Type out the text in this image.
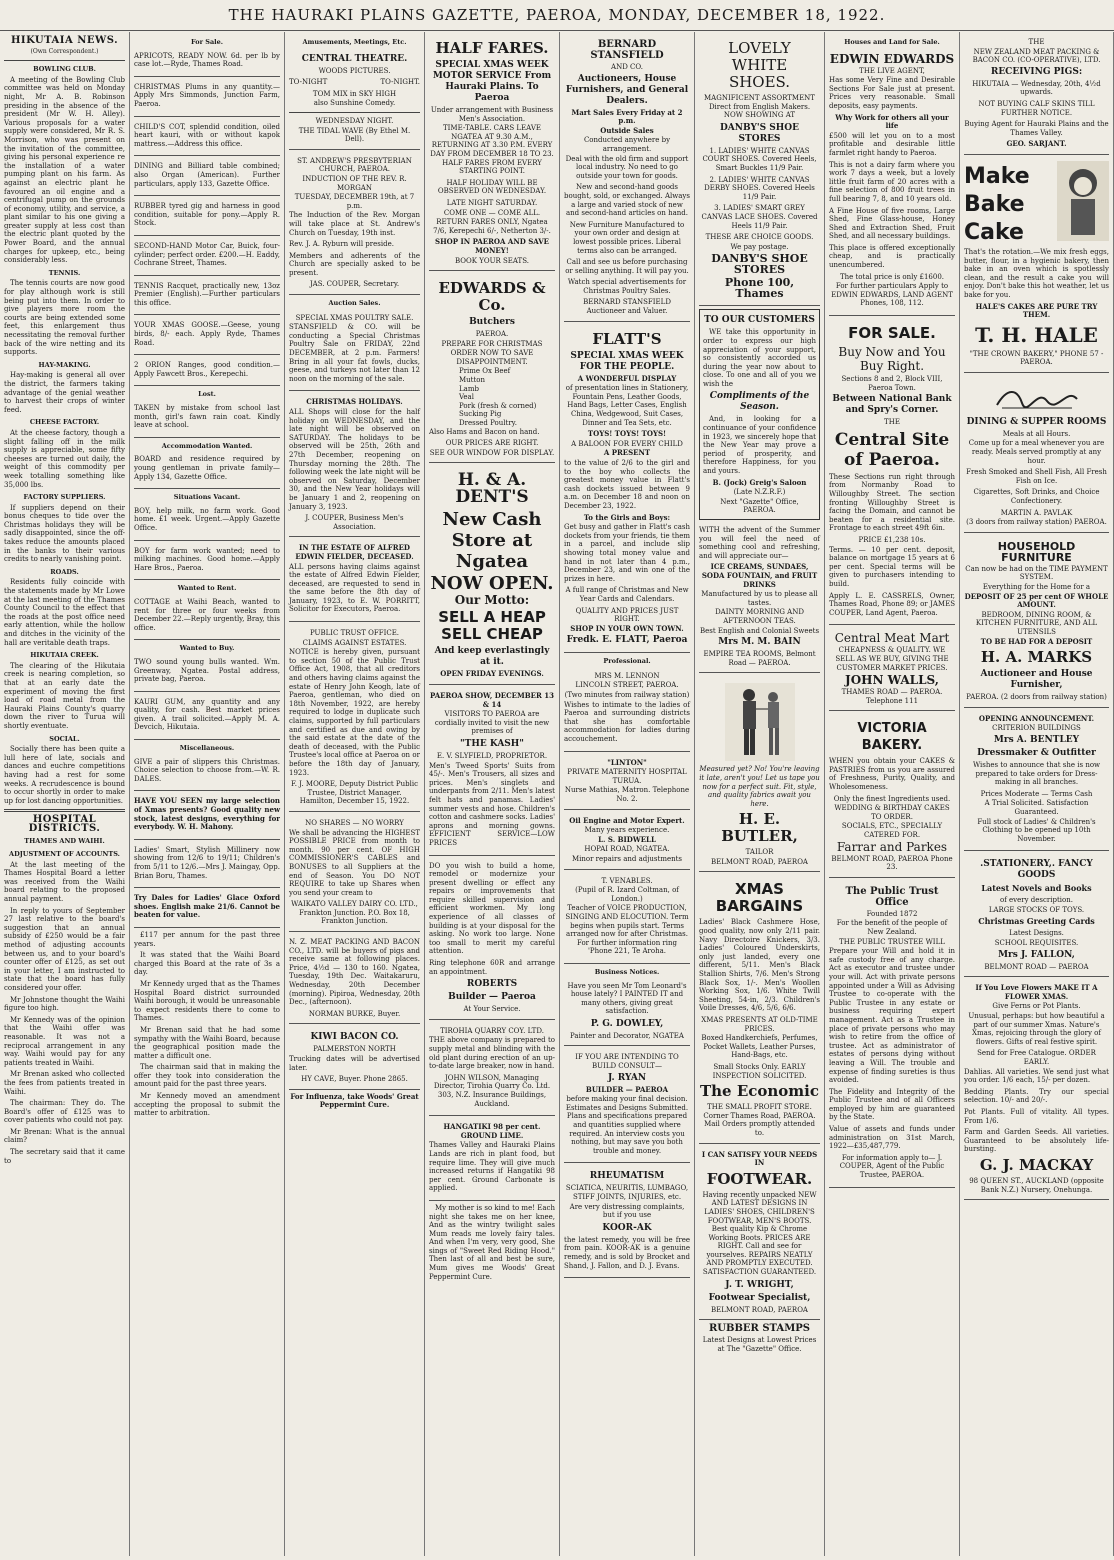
THE HAURAKI PLAINS GAZETTE, PAEROA, MONDAY, DECEMBER 18, 1922.
HIKUTAIA NEWS.
(Own Correspondent.)
BOWLING CLUB.

A meeting of the Bowling Club committee was held on Monday night, Mr A. B. Robinson presiding in the absence of the president (Mr W. H. Alley). Various proposals for a water supply were considered, Mr R. S. Morrison, who was present on the invitation of the committee, giving his personal experience re the installation of a water pumping plant on his farm. As against an electric plant he favoured an oil engine and a centrifugal pump on the grounds of economy, utility, and service, a plant similar to his one giving a greater supply at less cost than the electric plant quoted by the Power Board, and the annual charges for upkeep, etc., being considerably less.

TENNIS.

The tennis courts are now good for play although work is still being put into them. In order to give players more room the courts are being extended some feet, this enlargement thus necessitating the removal further back of the wire netting and its supports.

HAY-MAKING.

Hay-making is general all over the district, the farmers taking advantage of the genial weather to harvest their crops of winter feed.

CHEESE FACTORY.

At the cheese factory, though a slight falling off in the milk supply is appreciable, some fifty cheeses are turned out daily, the weight of this commodity per week totalling something like 35,000 lbs.

FACTORY SUPPLIERS.

If suppliers depend on their bonus cheques to tide over the Christmas holidays they will be sadly disappointed, since the off-takes reduce the amounts placed in the banks to their various credits to nearly vanishing point.

ROADS.

Residents fully coincide with the statements made by Mr Lowe at the last meeting of the Thames County Council to the effect that the roads at the post office need early attention, while the hollow and ditches in the vicinity of the hall are veritable death traps.

HIKUTAIA CREEK.

The clearing of the Hikutaia creek is nearing completion, so that at an early date the experiment of moving the first load of road metal from the Hauraki Plains County's quarry down the river to Turua will shortly eventuate.

SOCIAL.

Socially there has been quite a lull here of late, socials and dances and euchre competitions having had a rest for some weeks. A recrudescence is bound to occur shortly in order to make up for lost dancing opportunities.

HOSPITAL DISTRICTS.
THAMES AND WAIHI.
ADJUSTMENT OF ACCOUNTS.

At the last meeting of the Thames Hospital Board a letter was received from the Waihi board relating to the proposed annual payment.

In reply to yours of September 27 last relative to the board's suggestion that an annual subsidy of £250 would be a fair method of adjusting accounts between us, and to your board's counter offer of £125, as set out in your letter, I am instructed to state that the board has fully considered your offer.

Mr Johnstone thought the Waihi figure too high.

Mr Kennedy was of the opinion that the Waihi offer was reasonable. It was not a reciprocal arrangement in any way. Waihi would pay for any patients treated in Waihi.

Mr Brenan asked who collected the fees from patients treated in Waihi.

The chairman: They do. The Board's offer of £125 was to cover patients who could not pay.

Mr Brenan: What is the annual claim?

The secretary said that it came to

For Sale.

APRICOTS, READY NOW. 6d. per lb by case lot.—Ryde, Thames Road.

CHRISTMAS Plums in any quantity.—Apply Mrs Simmonds, Junction Farm, Paeroa.

CHILD'S COT, splendid condition, oiled heart kauri, with or without kapok mattress.—Address this office.

DINING and Billiard table combined; also Organ (American). Further particulars, apply 133, Gazette Office.

RUBBER tyred gig and harness in good condition, suitable for pony.—Apply R. Stock.

SECOND-HAND Motor Car, Buick, four-cylinder; perfect order. £200.—H. Eaddy, Cochrane Street, Thames.

TENNIS Racquet, practically new, 13oz Premier (English).—Further particulars this office.

YOUR XMAS GOOSE.—Geese, young birds, 8/- each. Apply Ryde, Thames Road.

2 ORION Ranges, good condition.—Apply Fawcett Bros., Kerepechi.

Lost.

TAKEN by mistake from school last month, girl's fawn rain coat. Kindly leave at school.

Accommodation Wanted.

BOARD and residence required by young gentleman in private family—Apply 134, Gazette Office.

Situations Vacant.

BOY, help milk, no farm work. Good home. £1 week. Urgent.—Apply Gazette Office.

BOY for farm work wanted; need to milking machines. Good home.—Apply Hare Bros., Paeroa.

Wanted to Rent.

COTTAGE at Waihi Beach, wanted to rent for three or four weeks from December 22.—Reply urgently, Bray, this office.

Wanted to Buy.

TWO sound young bulls wanted. Wm. Greenway, Ngatea. Postal address, private bag, Paeroa.

KAURI GUM, any quantity and any quality, for cash. Best market prices given. A trail solicited.—Apply M. A. Devcich, Hikutaia.

Miscellaneous.

GIVE a pair of slippers this Christmas. Choice selection to choose from.—W. R. DALES.

HAVE YOU SEEN my large selection of Xmas presents? Good quality new stock, latest designs, everything for everybody. W. H. Mahony.

Ladies' Smart, Stylish Millinery now showing from 12/6 to 19/11; Children's from 5/11 to 12/6.—Mrs J. Maingay, Opp. Brian Boru, Thames.

Try Dales for Ladies' Glace Oxford shoes. English make 21/6. Cannot be beaten for value.

£117 per annum for the past three years.

It was stated that the Waihi Board charged this Board at the rate of 3s a day.

Mr Kennedy urged that as the Thames Hospital Board district surrounded Waihi borough, it would be unreasonable to expect residents there to come to Thames.

Mr Brenan said that he had some sympathy with the Waihi Board, because the geographical position made the matter a difficult one.

The chairman said that in making the offer they took into consideration the amount paid for the past three years.

Mr Kennedy moved an amendment accepting the proposal to submit the matter to arbitration.

Amusements, Meetings, Etc.
CENTRAL THEATRE.
WOODS PICTURES.
TO-NIGHT	TO-NIGHT.
TOM MIX in SKY HIGH
also Sunshine Comedy.
WEDNESDAY NIGHT.
THE TIDAL WAVE (By Ethel M. Dell).
ST. ANDREW'S PRESBYTERIAN CHURCH, PAEROA.
INDUCTION OF THE REV. R. MORGAN
TUESDAY, DECEMBER 19th, at 7 p.m.

The Induction of the Rev. Morgan will take place at St. Andrew's Church on Tuesday, 19th inst.

Rev. J. A. Ryburn will preside.

Members and adherents of the Church are specially asked to be present.

JAS. COUPER, Secretary.
Auction Sales.
SPECIAL XMAS POULTRY SALE.

STANSFIELD & CO. will be conducting a Special Christmas Poultry Sale on FRIDAY, 22nd DECEMBER, at 2 p.m. Farmers! Bring in all your fat fowls, ducks, geese, and turkeys not later than 12 noon on the morning of the sale.

CHRISTMAS HOLIDAYS.

ALL Shops will close for the half holiday on WEDNESDAY, and the late night will be observed on SATURDAY. The holidays to be observed will be 25th, 26th and 27th December, reopening on Thursday morning the 28th. The following week the late night will be observed on Saturday, December 30, and the New Year holidays will be January 1 and 2, reopening on January 3, 1923.

J. COUPER, Business Men's Association.
IN THE ESTATE OF ALFRED EDWIN FIELDER, DECEASED.

ALL persons having claims against the estate of Alfred Edwin Fielder, deceased, are requested to send in the same before the 8th day of January, 1923, to E. W. PORRITT, Solicitor for Executors, Paeroa.

PUBLIC TRUST OFFICE.
CLAIMS AGAINST ESTATES.

NOTICE is hereby given, pursuant to section 50 of the Public Trust Office Act, 1908, that all creditors and others having claims against the estate of Henry John Keogh, late of Paeroa, gentleman, who died on 18th November, 1922, are hereby required to lodge in duplicate such claims, supported by full particulars and certified as due and owing by the said estate at the date of the death of deceased, with the Public Trustee's local office at Paeroa on or before the 18th day of January, 1923.

F. J. MOORE, Deputy District Public Trustee, District Manager. Hamilton, December 15, 1922.
NO SHARES — NO WORRY

We shall be advancing the HIGHEST POSSIBLE PRICE from month to month. 90 per cent. OF HIGH COMMISSIONER'S CABLES and BONUSES to all Suppliers at the end of Season. You DO NOT REQUIRE to take up Shares when you send your cream to

WAIKATO VALLEY DAIRY CO. LTD., Frankton Junction. P.O. Box 18, Frankton Junction.

N. Z. MEAT PACKING AND BACON CO., LTD. will be buyers of pigs and receive same at following places. Price, 4½d — 130 to 160. Ngatea, Tuesday, 19th Dec. Waitakaruru, Wednesday, 20th December (morning). Pipiroa, Wednesday, 20th Dec., (afternoon).

NORMAN BURKE, Buyer.
KIWI BACON CO.
PALMERSTON NORTH

Trucking dates will be advertised later.

HY CAVE, Buyer. Phone 2865.
For Influenza, take Woods' Great Peppermint Cure.
HALF FARES.
SPECIAL XMAS WEEK MOTOR SERVICE From Hauraki Plains. To Paeroa
Under arrangement with Business Men's Association.

TIME-TABLE. CARS LEAVE NGATEA AT 9.30 A.M., RETURNING AT 3.30 P.M. EVERY DAY FROM DECEMBER 18 TO 23. HALF FARES FROM EVERY STARTING POINT.

HALF HOLIDAY WILL BE OBSERVED ON WEDNESDAY.

LATE NIGHT SATURDAY.
COME ONE — COME ALL.

RETURN FARES ONLY, Ngatea 7/6, Kerepechi 6/-, Netherton 3/-.

SHOP IN PAEROA AND SAVE MONEY!
BOOK YOUR SEATS.
EDWARDS & Co.
Butchers
PAEROA.
PREPARE FOR CHRISTMAS
ORDER NOW TO SAVE DISAPPOINTMENT.
Prime Ox Beef
Mutton
Lamb
Veal
Pork (fresh & corned)
Sucking Pig
Dressed Poultry.

Also Hams and Bacon on hand.

OUR PRICES ARE RIGHT.
SEE OUR WINDOW FOR DISPLAY.
H. & A. DENT'S
New Cash Store at Ngatea
NOW OPEN.
Our Motto:
SELL A HEAP SELL CHEAP
And keep everlastingly at it.
OPEN FRIDAY EVENINGS.
PAEROA SHOW, DECEMBER 13 & 14

VISITORS TO PAEROA are cordially invited to visit the new premises of

"THE KASH"
E. V. SLYFIELD, PROPRIETOR.

Men's Tweed Sports' Suits from 45/-. Men's Trousers, all sizes and prices. Men's singlets and underpants from 2/11. Men's latest felt hats and panamas. Ladies' summer vests and hose. Children's cotton and cashmere socks. Ladies' aprons and morning gowns. EFFICIENT SERVICE—LOW PRICES

DO you wish to build a home, remodel or modernize your present dwelling or effect any repairs or improvements that require skilled supervision and efficient workmen. My long experience of all classes of building is at your disposal for the asking. No work too large. None too small to merit my careful attention.

Ring telephone 60R and arrange an appointment.

ROBERTS
Builder — Paeroa
At Your Service.
TIROHIA QUARRY COY. LTD.

THE above company is prepared to supply metal and blinding with the old plant during erection of an up-to-date large breaker, now in hand.

JOHN WILSON, Managing Director, Tirohia Quarry Co. Ltd. 303, N.Z. Insurance Buildings, Auckland.

HANGATIKI 98 per cent. GROUND LIME.

Thames Valley and Hauraki Plains Lands are rich in plant food, but require lime. They will give much increased returns if Hangatiki 98 per cent. Ground Carbonate is applied.

My mother is so kind to me! Each night she takes me on her knee, And as the wintry twilight sales Mum reads me lovely fairy tales. And when I'm very, very good, She sings of "Sweet Red Riding Hood." Then last of all and best be sure, Mum gives me Woods' Great Peppermint Cure.

BERNARD STANSFIELD
AND CO.
Auctioneers, House Furnishers, and General Dealers.
Mart Sales Every Friday at 2 p.m.
Outside Sales
Conducted anywhere by arrangement.

Deal with the old firm and support local industry. No need to go outside your town for goods.

New and second-hand goods bought, sold, or exchanged. Always a large and varied stock of new and second-hand articles on hand.

New Furniture Manufactured to your own order and design at lowest possible prices. Liberal terms also can be arranged.

Call and see us before purchasing or selling anything. It will pay you.

Watch special advertisements for Christmas Poultry Sales.

BERNARD STANSFIELD Auctioneer and Valuer.
FLATT'S
SPECIAL XMAS WEEK FOR THE PEOPLE.
A WONDERFUL DISPLAY

of presentation lines in Stationery, Fountain Pens, Leather Goods, Hand Bags, Letter Cases, English China, Wedgewood, Suit Cases, Dinner and Tea Sets, etc.

TOYS! TOYS! TOYS!
A BALOON FOR EVERY CHILD
A PRESENT

to the value of 2/6 to the girl and to the boy who collects the greatest money value in Flatt's cash dockets issued between 9 a.m. on December 18 and noon on December 23, 1922.

To the Girls and Boys:

Get busy and gather in Flatt's cash dockets from your friends, tie them in a parcel, and include slip showing total money value and hand in not later than 4 p.m., December 23, and win one of the prizes in here.

A full range of Christmas and New Year Cards and Calendars.

QUALITY AND PRICES JUST RIGHT.
SHOP IN YOUR OWN TOWN.
Fredk. E. FLATT, Paeroa
Professional.
MRS M. LENNON
LINCOLN STREET, PAEROA.
(Two minutes from railway station)

Wishes to intimate to the ladies of Paeroa and surrounding districts that she has comfortable accommodation for ladies during accouchement.

"LINTON"
PRIVATE MATERNITY HOSPITAL TURUA.
Nurse Mathias, Matron. Telephone No. 2.
Oil Engine and Motor Expert.
Many years experience.
L. S. BIDWELL
HOPAI ROAD, NGATEA.
Minor repairs and adjustments
T. VENABLES.
(Pupil of R. Izard Coltman, of London.)

Teacher of VOICE PRODUCTION, SINGING AND ELOCUTION. Term begins when pupils start. Terms arranged now for after Christmas. For further information ring 'Phone 221, Te Aroha.

Business Notices.

Have you seen Mr Tom Leonard's house lately? I PAINTED IT and many others, giving great satisfaction.

P. G. DOWLEY,
Painter and Decorator, NGATEA
IF YOU ARE INTENDING TO BUILD CONSULT—
J. RYAN
BUILDER — PAEROA

before making your final decision. Estimates and Designs Submitted. Plans and specifications prepared and quantities supplied where required. An interview costs you nothing, but may save you both trouble and money.

RHEUMATISM
SCIATICA, NEURITIS, LUMBAGO, STIFF JOINTS, INJURIES, etc.

Are very distressing complaints, but if you use

KOOR-AK

the latest remedy, you will be free from pain. KOOR-AK is a genuine remedy, and is sold by Brocket and Shand, J. Fallon, and D. J. Evans.

LOVELY WHITE SHOES.

MAGNIFICENT ASSORTMENT Direct from English Makers. NOW SHOWING AT

DANBY'S SHOE STORES

1. LADIES' WHITE CANVAS COURT SHOES. Covered Heels, Smart Buckles 11/9 Pair.

2. LADIES' WHITE CANVAS DERBY SHOES. Covered Heels 11/9 Pair.

3. LADIES' SMART GREY CANVAS LACE SHOES. Covered Heels 11/9 Pair.

THESE ARE CHOICE GOODS.
We pay postage.
DANBY'S SHOE STORES
Phone 100, Thames
TO OUR CUSTOMERS

WE take this opportunity in order to express our high appreciation of your support, so consistently accorded us during the year now about to close. To one and all of you we wish the

Compliments of the Season.

And, in looking for a continuance of your confidence in 1923, we sincerely hope that the New Year may prove a period of prosperity, and therefore Happiness, for you and yours.

B. (Jock) Greig's Saloon
(Late N.Z.R.F.)
Next "Gazette" Office, PAEROA.

WITH the advent of the Summer you will feel the need of something cool and refreshing, and will appreciate our—

ICE CREAMS, SUNDAES, SODA FOUNTAIN, and FRUIT DRINKS
Manufactured by us to please all tastes.
DAINTY MORNING AND AFTERNOON TEAS.
Best English and Colonial Sweets
Mrs M. M. BAIN
EMPIRE TEA ROOMS, Belmont Road — PAEROA.

Measured yet? No! You're leaving it late, aren't you! Let us tape you now for a perfect suit. Fit, style, and quality fabrics await you here.

H. E. BUTLER,
TAILOR
BELMONT ROAD, PAEROA
XMAS BARGAINS

Ladies' Black Cashmere Hose, good quality, now only 2/11 pair. Navy Directoire Knickers, 3/3. Ladies' Coloured Underskirts, only just landed, every one different, 5/11. Men's Black Stallion Shirts, 7/6. Men's Strong Black Sox, 1/-. Men's Woollen Working Sox, 1/6. White Twill Sheeting, 54-in, 2/3. Children's Voile Dresses, 4/6, 5/6, 6/6.

XMAS PRESENTS AT OLD-TIME PRICES.

Boxed Handkerchiefs, Perfumes, Pocket Wallets, Leather Purses, Hand-Bags, etc.

Small Stocks Only. EARLY INSPECTION SOLICITED.
The Economic
THE SMALL PROFIT STORE. Corner Thames Road, PAEROA. Mail Orders promptly attended to.
I CAN SATISFY YOUR NEEDS IN
FOOTWEAR.

Having recently unpacked NEW AND LATEST DESIGNS IN LADIES' SHOES, CHILDREN'S FOOTWEAR, MEN'S BOOTS. Best quality Kip & Chrome Working Boots. PRICES ARE RIGHT. Call and see for yourselves. REPAIRS NEATLY AND PROMPTLY EXECUTED. SATISFACTION GUARANTEED.

J. T. WRIGHT,
Footwear Specialist,
BELMONT ROAD, PAEROA
RUBBER STAMPS
Latest Designs at Lowest Prices at The "Gazette" Office.
Houses and Land for Sale.
EDWIN EDWARDS
THE LIVE AGENT,

Has some Very Fine and Desirable Sections For Sale just at present. Prices very reasonable. Small deposits, easy payments.

Why Work for others all your life

£500 will let you on to a most profitable and desirable little farmlet right handy to Paeroa.

This is not a dairy farm where you work 7 days a week, but a lovely little fruit farm of 20 acres with a fine selection of 800 fruit trees in full bearing 7, 8, and 10 years old.

A Fine House of five rooms, Large Shed, Fine Glass-house, Honey Shed and Extraction Shed, Fruit Shed, and all necessary buildings.

This place is offered exceptionally cheap, and is practically unencumbered.

The total price is only £1600.

For further particulars Apply to EDWIN EDWARDS, LAND AGENT Phones, 108, 112.

FOR SALE.
Buy Now and You Buy Right.
Sections 8 and 2, Block VIII, Paeroa Town.
Between National Bank and Spry's Corner.
THE
Central Site of Paeroa.

These Sections run right through from Normanby Road to Willoughby Street. The section fronting Willoughby Street is facing the Domain, and cannot be beaten for a residential site. Frontage to each street 49ft 6in.

PRICE £1,238 10s.

Terms. — 10 per cent. deposit, balance on mortgage 15 years at 6 per cent. Special terms will be given to purchasers intending to build.

Apply L. E. CASSRELS, Owner, Thames Road, Phone 89; or JAMES COUPER, Land Agent, Paeroa.

Central Meat Mart

CHEAPNESS & QUALITY. WE SELL AS WE BUY, GIVING THE CUSTOMER MARKET PRICES.

JOHN WALLS,
THAMES ROAD — PAEROA. Telephone 111
VICTORIA BAKERY.

WHEN you obtain your CAKES & PASTRIES from us you are assured of Freshness, Purity, Quality, and Wholesomeness.

Only the finest Ingredients used.
WEDDING & BIRTHDAY CAKES TO ORDER.
SOCIALS, ETC., SPECIALLY CATERED FOR.
Farrar and Parkes
BELMONT ROAD, PAEROA Phone 23.
The Public Trust Office
Founded 1872
For the benefit of the people of New Zealand.
THE PUBLIC TRUSTEE WILL

Prepare your Will and hold it in safe custody free of any charge. Act as executor and trustee under your will. Act with private persons appointed under a Will as Advising Trustee to co-operate with the Public Trustee in any estate or business requiring expert management. Act as a Trustee in place of private persons who may wish to retire from the office of trustee. Act as administrator of estates of persons dying without leaving a Will. The trouble and expense of finding sureties is thus avoided.

The Fidelity and Integrity of the Public Trustee and of all Officers employed by him are guaranteed by the State.

Value of assets and funds under administration on 31st March, 1922—£35,487,779.

For information apply to— J. COUPER, Agent of the Public Trustee, PAEROA.

THE
NEW ZEALAND MEAT PACKING & BACON CO. (CO-OPERATIVE), LTD.
RECEIVING PIGS:

HIKUTAIA — Wednesday, 20th, 4½d upwards.

NOT BUYING CALF SKINS TILL FURTHER NOTICE.

Buying Agent for Hauraki Plains and the Thames Valley.

GEO. SARJANT.
Make
Bake
Cake

That's the rotation.—We mix fresh eggs, butter, flour, in a hygienic bakery, then bake in an oven which is spotlessly clean, and the result a cake you will enjoy. Don't bake this hot weather, let us bake for you.

HALE'S CAKES ARE PURE TRY THEM.
T. H. HALE
"THE CROWN BAKERY," PHONE 57 - PAEROA.
DINING & SUPPER ROOMS
Meals at all Hours.

Come up for a meal whenever you are ready. Meals served promptly at any hour.

Fresh Smoked and Shell Fish, All Fresh Fish on Ice.

Cigarettes, Soft Drinks, and Choice Confectionery.

MARTIN A. PAVLAK
(3 doors from railway station) PAEROA.
HOUSEHOLD FURNITURE
Can now be had on the TIME PAYMENT SYSTEM.
Everything for the Home for a
DEPOSIT OF 25 per cent OF WHOLE AMOUNT.
BEDROOM, DINING ROOM, & KITCHEN FURNITURE, AND ALL UTENSILS
TO BE HAD FOR A DEPOSIT
H. A. MARKS
Auctioneer and House Furnisher,
PAEROA. (2 doors from railway station)
OPENING ANNOUNCEMENT.
CRITERION BUILDINGS
Mrs A. BENTLEY
Dressmaker & Outfitter

Wishes to announce that she is now prepared to take orders for Dress-making in all branches.

Prices Moderate — Terms Cash
A Trial Solicited. Satisfaction Guaranteed.

Full stock of Ladies' & Children's Clothing to be opened up 10th November.

.STATIONERY,. FANCY GOODS
Latest Novels and Books
of every description.
LARGE STOCKS OF TOYS.
Christmas Greeting Cards
Latest Designs.
SCHOOL REQUISITES.
Mrs J. FALLON,
BELMONT ROAD — PAEROA
If You Love Flowers MAKE IT A FLOWER XMAS.
Give Ferns or Pot Plants.

Unusual, perhaps: but how beautiful a part of our summer Xmas. Nature's Xmas, rejoicing through the glory of flowers. Gifts of real festive spirit.

Send for Free Catalogue. ORDER EARLY.

Dahlias. All varieties. We send just what you order. 1/6 each, 15/- per dozen.

Bedding Plants. Try our special selection. 10/- and 20/-.

Pot Plants. Full of vitality. All types. From 1/6.

Farm and Garden Seeds. All varieties. Guaranteed to be absolutely life-bursting.

G. J. MACKAY
98 QUEEN ST., AUCKLAND (opposite Bank N.Z.) Nursery, Onehunga.
